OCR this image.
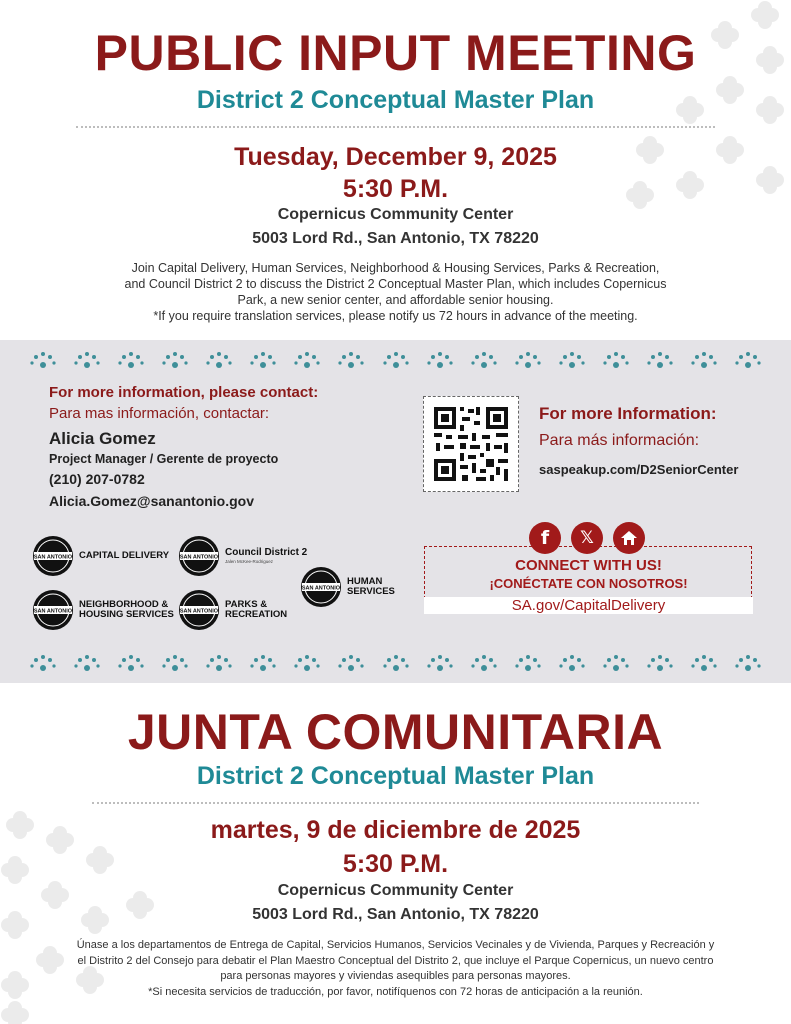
PUBLIC INPUT MEETING
District 2 Conceptual Master Plan
Tuesday, December 9, 2025
5:30 P.M.
Copernicus Community Center
5003 Lord Rd., San Antonio, TX 78220
Join Capital Delivery, Human Services, Neighborhood & Housing Services, Parks & Recreation,
and Council District 2 to discuss the District 2 Conceptual Master Plan, which includes Copernicus
Park, a new senior center, and affordable senior housing.
*If you require translation services, please notify us 72 hours in advance of the meeting.
For more information, please contact:
Para mas información, contactar:
Alicia Gomez
Project Manager / Gerente de proyecto
(210) 207-0782
Alicia.Gomez@sanantonio.gov
For more Information:
Para más información:
saspeakup.com/D2SeniorCenter
SAN ANTONIO CAPITAL DELIVERY SAN ANTONIO Council District 2
Jalen McKee-Rodriguez
SAN ANTONIO
NEIGHBORHOOD &
HOUSING SERVICES SAN ANTONIO
PARKS &
RECREATION
SAN ANTONIO
HUMAN
SERVICES
f	𝕏
CONNECT WITH US!
¡CONÉCTATE CON NOSOTROS!
SA.gov/CapitalDelivery
JUNTA COMUNITARIA
District 2 Conceptual Master Plan
martes, 9 de diciembre de 2025
5:30 P.M.
Copernicus Community Center
5003 Lord Rd., San Antonio, TX 78220
Únase a los departamentos de Entrega de Capital, Servicios Humanos, Servicios Vecinales y de Vivienda, Parques y Recreación y
el Distrito 2 del Consejo para debatir el Plan Maestro Conceptual del Distrito 2, que incluye el Parque Copernicus, un nuevo centro
para personas mayores y viviendas asequibles para personas mayores.
*Si necesita servicios de traducción, por favor, notifíquenos con 72 horas de anticipación a la reunión.
